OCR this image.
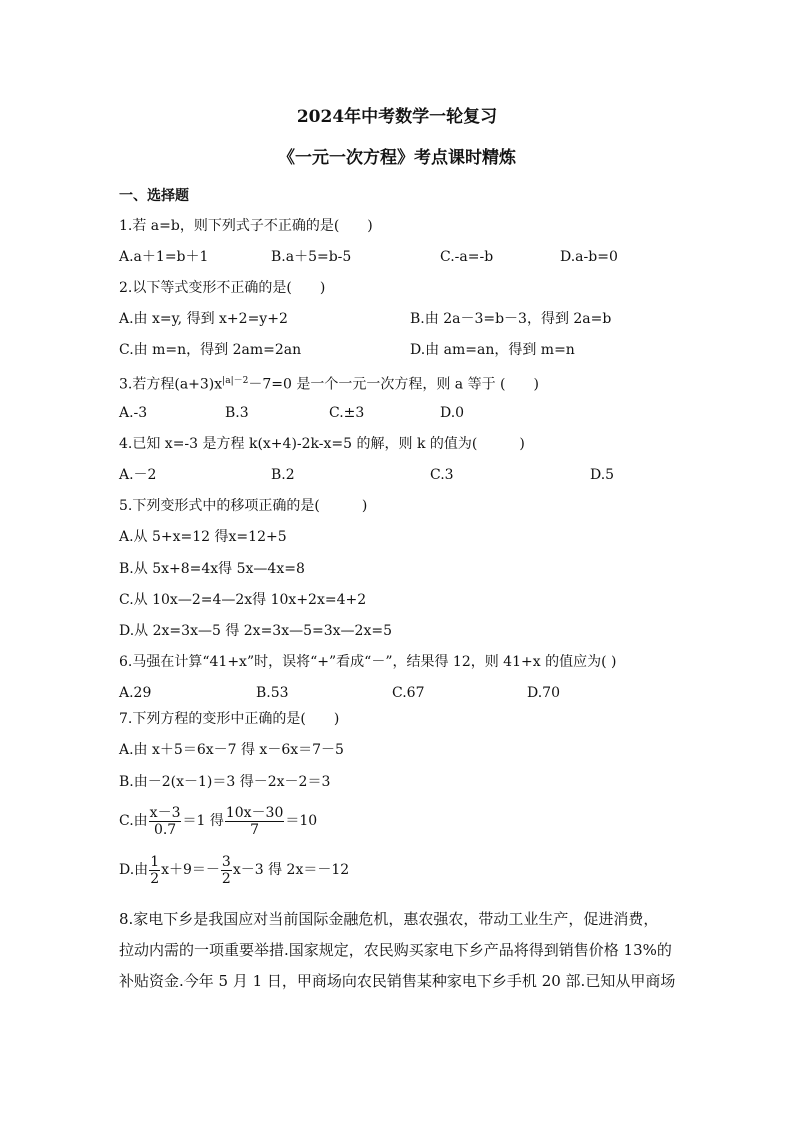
2024年中考数学一轮复习
《一元一次方程》考点课时精炼
一、选择题
1.若 a=b，则下列式子不正确的是(　　)
A.a＋1=b＋1	B.a＋5=b-5	C.-a=-b	D.a-b=0
2.以下等式变形不正确的是(　　)
A.由 x=y, 得到 x+2=y+2	B.由 2a－3=b－3，得到 2a=b
C.由 m=n，得到 2am=2an	D.由 am=an，得到 m=n
3.若方程$(a+3)x^{|a|-2}-7=0$ 是一个一元一次方程，则 a 等于 (　　)
A.-3	B.3	C.±3	D.0
4.已知 x=-3 是方程 k(x+4)-2k-x=5 的解，则 k 的值为(　　　)
A.－2	B.2	C.3	D.5
5.下列变形式中的移项正确的是(　　　)
A.从 5+x=12 得x=12+5
B.从 5x+8=4x得 5x—4x=8
C.从 10x—2=4—2x得 10x+2x=4+2
D.从 2x=3x—5 得 2x=3x—5=3x—2x=5
6.马强在计算“41+x”时，误将“+”看成“－”，结果得 12，则 41+x 的值应为( )
A.29	B.53	C.67	D.70
7.下列方程的变形中正确的是(　　)
A.由 x＋5＝6x－7 得 x－6x＝7－5
B.由－2(x－1)＝3 得－2x－2＝3
C.由 $\frac{x-3}{0.7} =1$ 得 $\frac{10x-30}{7} =10$
D.由 $\frac{1}{2} x+9=- \frac{3}{2} x-3$ 得 2x＝－12
8.家电下乡是我国应对当前国际金融危机，惠农强农，带动工业生产，促进消费，
拉动内需的一项重要举措.国家规定，农民购买家电下乡产品将得到销售价格 13%的
补贴资金.今年 5 月 1 日，甲商场向农民销售某种家电下乡手机 20 部.已知从甲商场
